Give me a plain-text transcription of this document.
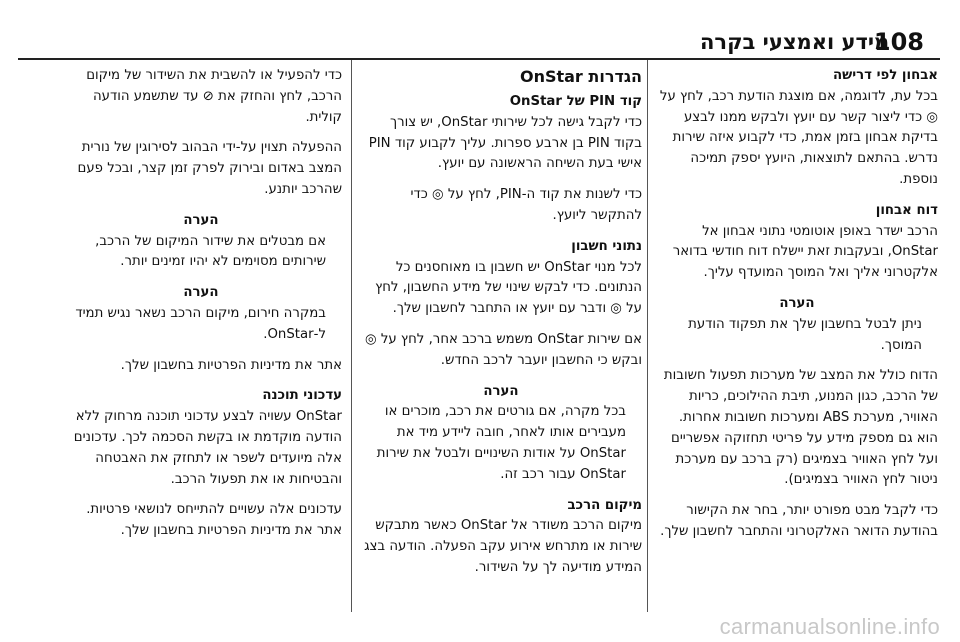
108
מידע ואמצעי בקרה

אבחון לפי דרישה

בכל עת, לדוגמה, אם מוצגת הודעת רכב, לחץ על ◎ כדי ליצור קשר עם יועץ ולבקש ממנו לבצע בדיקת אבחון בזמן אמת, כדי לקבוע איזה שירות נדרש. בהתאם לתוצאות, היועץ יספק תמיכה נוספת.

דוח אבחון

הרכב ישדר באופן אוטומטי נתוני אבחון אל OnStar, ובעקבות זאת יישלח דוח חודשי בדואר אלקטרוני אליך ואל המוסך המועדף עליך.

הערה

ניתן לבטל בחשבון שלך את תפקוד הודעת המוסך.

הדוח כולל את המצב של מערכות תפעול חשובות של הרכב, כגון המנוע, תיבת ההילוכים, כריות האוויר, מערכת ABS ומערכות חשובות אחרות. הוא גם מספק מידע על פריטי תחזוקה אפשריים ועל לחץ האוויר בצמיגים (רק ברכב עם מערכת ניטור לחץ האוויר בצמיגים).

כדי לקבל מבט מפורט יותר, בחר את הקישור בהודעת הדואר האלקטרוני והתחבר לחשבון שלך.

הגדרות OnStar

קוד PIN של OnStar

כדי לקבל גישה לכל שירותי OnStar, יש צורך בקוד PIN בן ארבע ספרות. עליך לקבוע קוד PIN אישי בעת השיחה הראשונה עם יועץ.

כדי לשנות את קוד ה-PIN, לחץ על ◎ כדי להתקשר ליועץ.

נתוני חשבון

לכל מנוי OnStar יש חשבון בו מאוחסנים כל הנתונים. כדי לבקש שינוי של מידע החשבון, לחץ על ◎ ודבר עם יועץ או התחבר לחשבון שלך.

אם שירות OnStar משמש ברכב אחר, לחץ על ◎ ובקש כי החשבון יועבר לרכב החדש.

הערה

בכל מקרה, אם גורטים את רכב, מוכרים או מעבירים אותו לאחר, חובה ליידע מיד את OnStar על אודות השינויים ולבטל את שירות OnStar עבור רכב זה.

מיקום הרכב

מיקום הרכב משודר אל OnStar כאשר מתבקש שירות או מתרחש אירוע עקב הפעלה. הודעה בצג המידע מודיעה לך על השידור.

כדי להפעיל או להשבית את השידור של מיקום הרכב, לחץ והחזק את ⊘ עד שתשמע הודעה קולית.

ההפעלה תצוין על-ידי הבהוב לסירוגין של נורית המצב באדום ובירוק לפרק זמן קצר, ובכל פעם שהרכב יותנע.

הערה

אם מבטלים את שידור המיקום של הרכב, שירותים מסוימים לא יהיו זמינים יותר.

הערה

במקרה חירום, מיקום הרכב נשאר נגיש תמיד ל-OnStar.

אתר את מדיניות הפרטיות בחשבון שלך.

עדכוני תוכנה

OnStar עשויה לבצע עדכוני תוכנה מרחוק ללא הודעה מוקדמת או בקשת הסכמה לכך. עדכונים אלה מיועדים לשפר או לתחזק את האבטחה והבטיחות או את תפעול הרכב.

עדכונים אלה עשויים להתייחס לנושאי פרטיות. אתר את מדיניות הפרטיות בחשבון שלך.

carmanualsonline.info
